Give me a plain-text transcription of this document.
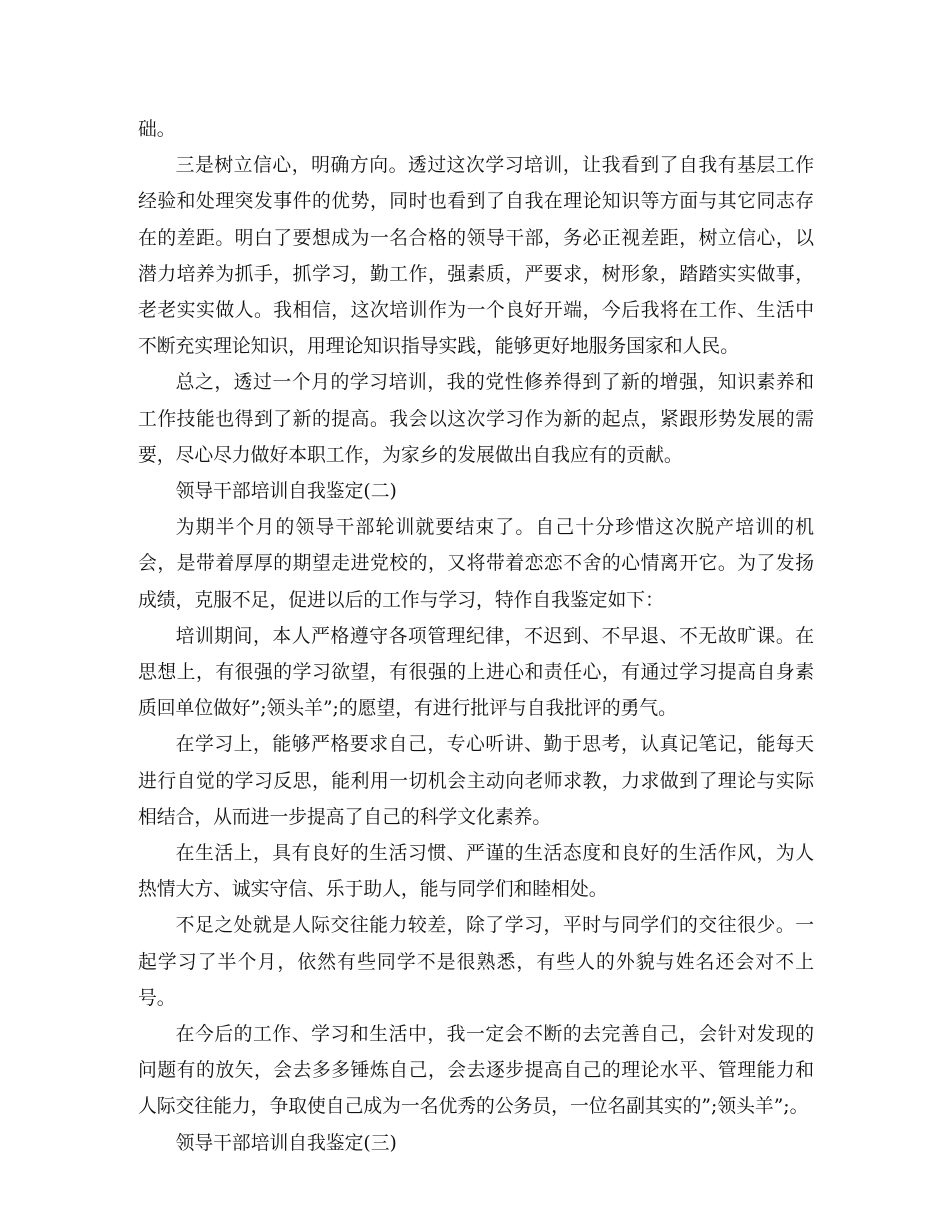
础。

三是树立信心，明确方向。透过这次学习培训，让我看到了自我有基层工作经验和处理突发事件的优势，同时也看到了自我在理论知识等方面与其它同志存在的差距。明白了要想成为一名合格的领导干部，务必正视差距，树立信心，以潜力培养为抓手，抓学习，勤工作，强素质，严要求，树形象，踏踏实实做事，老老实实做人。我相信，这次培训作为一个良好开端，今后我将在工作、生活中不断充实理论知识，用理论知识指导实践，能够更好地服务国家和人民。

总之，透过一个月的学习培训，我的党性修养得到了新的增强，知识素养和工作技能也得到了新的提高。我会以这次学习作为新的起点，紧跟形势发展的需要，尽心尽力做好本职工作，为家乡的发展做出自我应有的贡献。

领导干部培训自我鉴定(二)

为期半个月的领导干部轮训就要结束了。自己十分珍惜这次脱产培训的机会，是带着厚厚的期望走进党校的，又将带着恋恋不舍的心情离开它。为了发扬成绩，克服不足，促进以后的工作与学习，特作自我鉴定如下：

培训期间，本人严格遵守各项管理纪律，不迟到、不早退、不无故旷课。在思想上，有很强的学习欲望，有很强的上进心和责任心，有通过学习提高自身素质回单位做好”;领头羊”;的愿望，有进行批评与自我批评的勇气。

在学习上，能够严格要求自己，专心听讲、勤于思考，认真记笔记，能每天进行自觉的学习反思，能利用一切机会主动向老师求教，力求做到了理论与实际相结合，从而进一步提高了自己的科学文化素养。

在生活上，具有良好的生活习惯、严谨的生活态度和良好的生活作风，为人热情大方、诚实守信、乐于助人，能与同学们和睦相处。

不足之处就是人际交往能力较差，除了学习，平时与同学们的交往很少。一起学习了半个月，依然有些同学不是很熟悉，有些人的外貌与姓名还会对不上号。

在今后的工作、学习和生活中，我一定会不断的去完善自己，会针对发现的问题有的放矢，会去多多锤炼自己，会去逐步提高自己的理论水平、管理能力和人际交往能力，争取使自己成为一名优秀的公务员，一位名副其实的”;领头羊”;。

领导干部培训自我鉴定(三)
